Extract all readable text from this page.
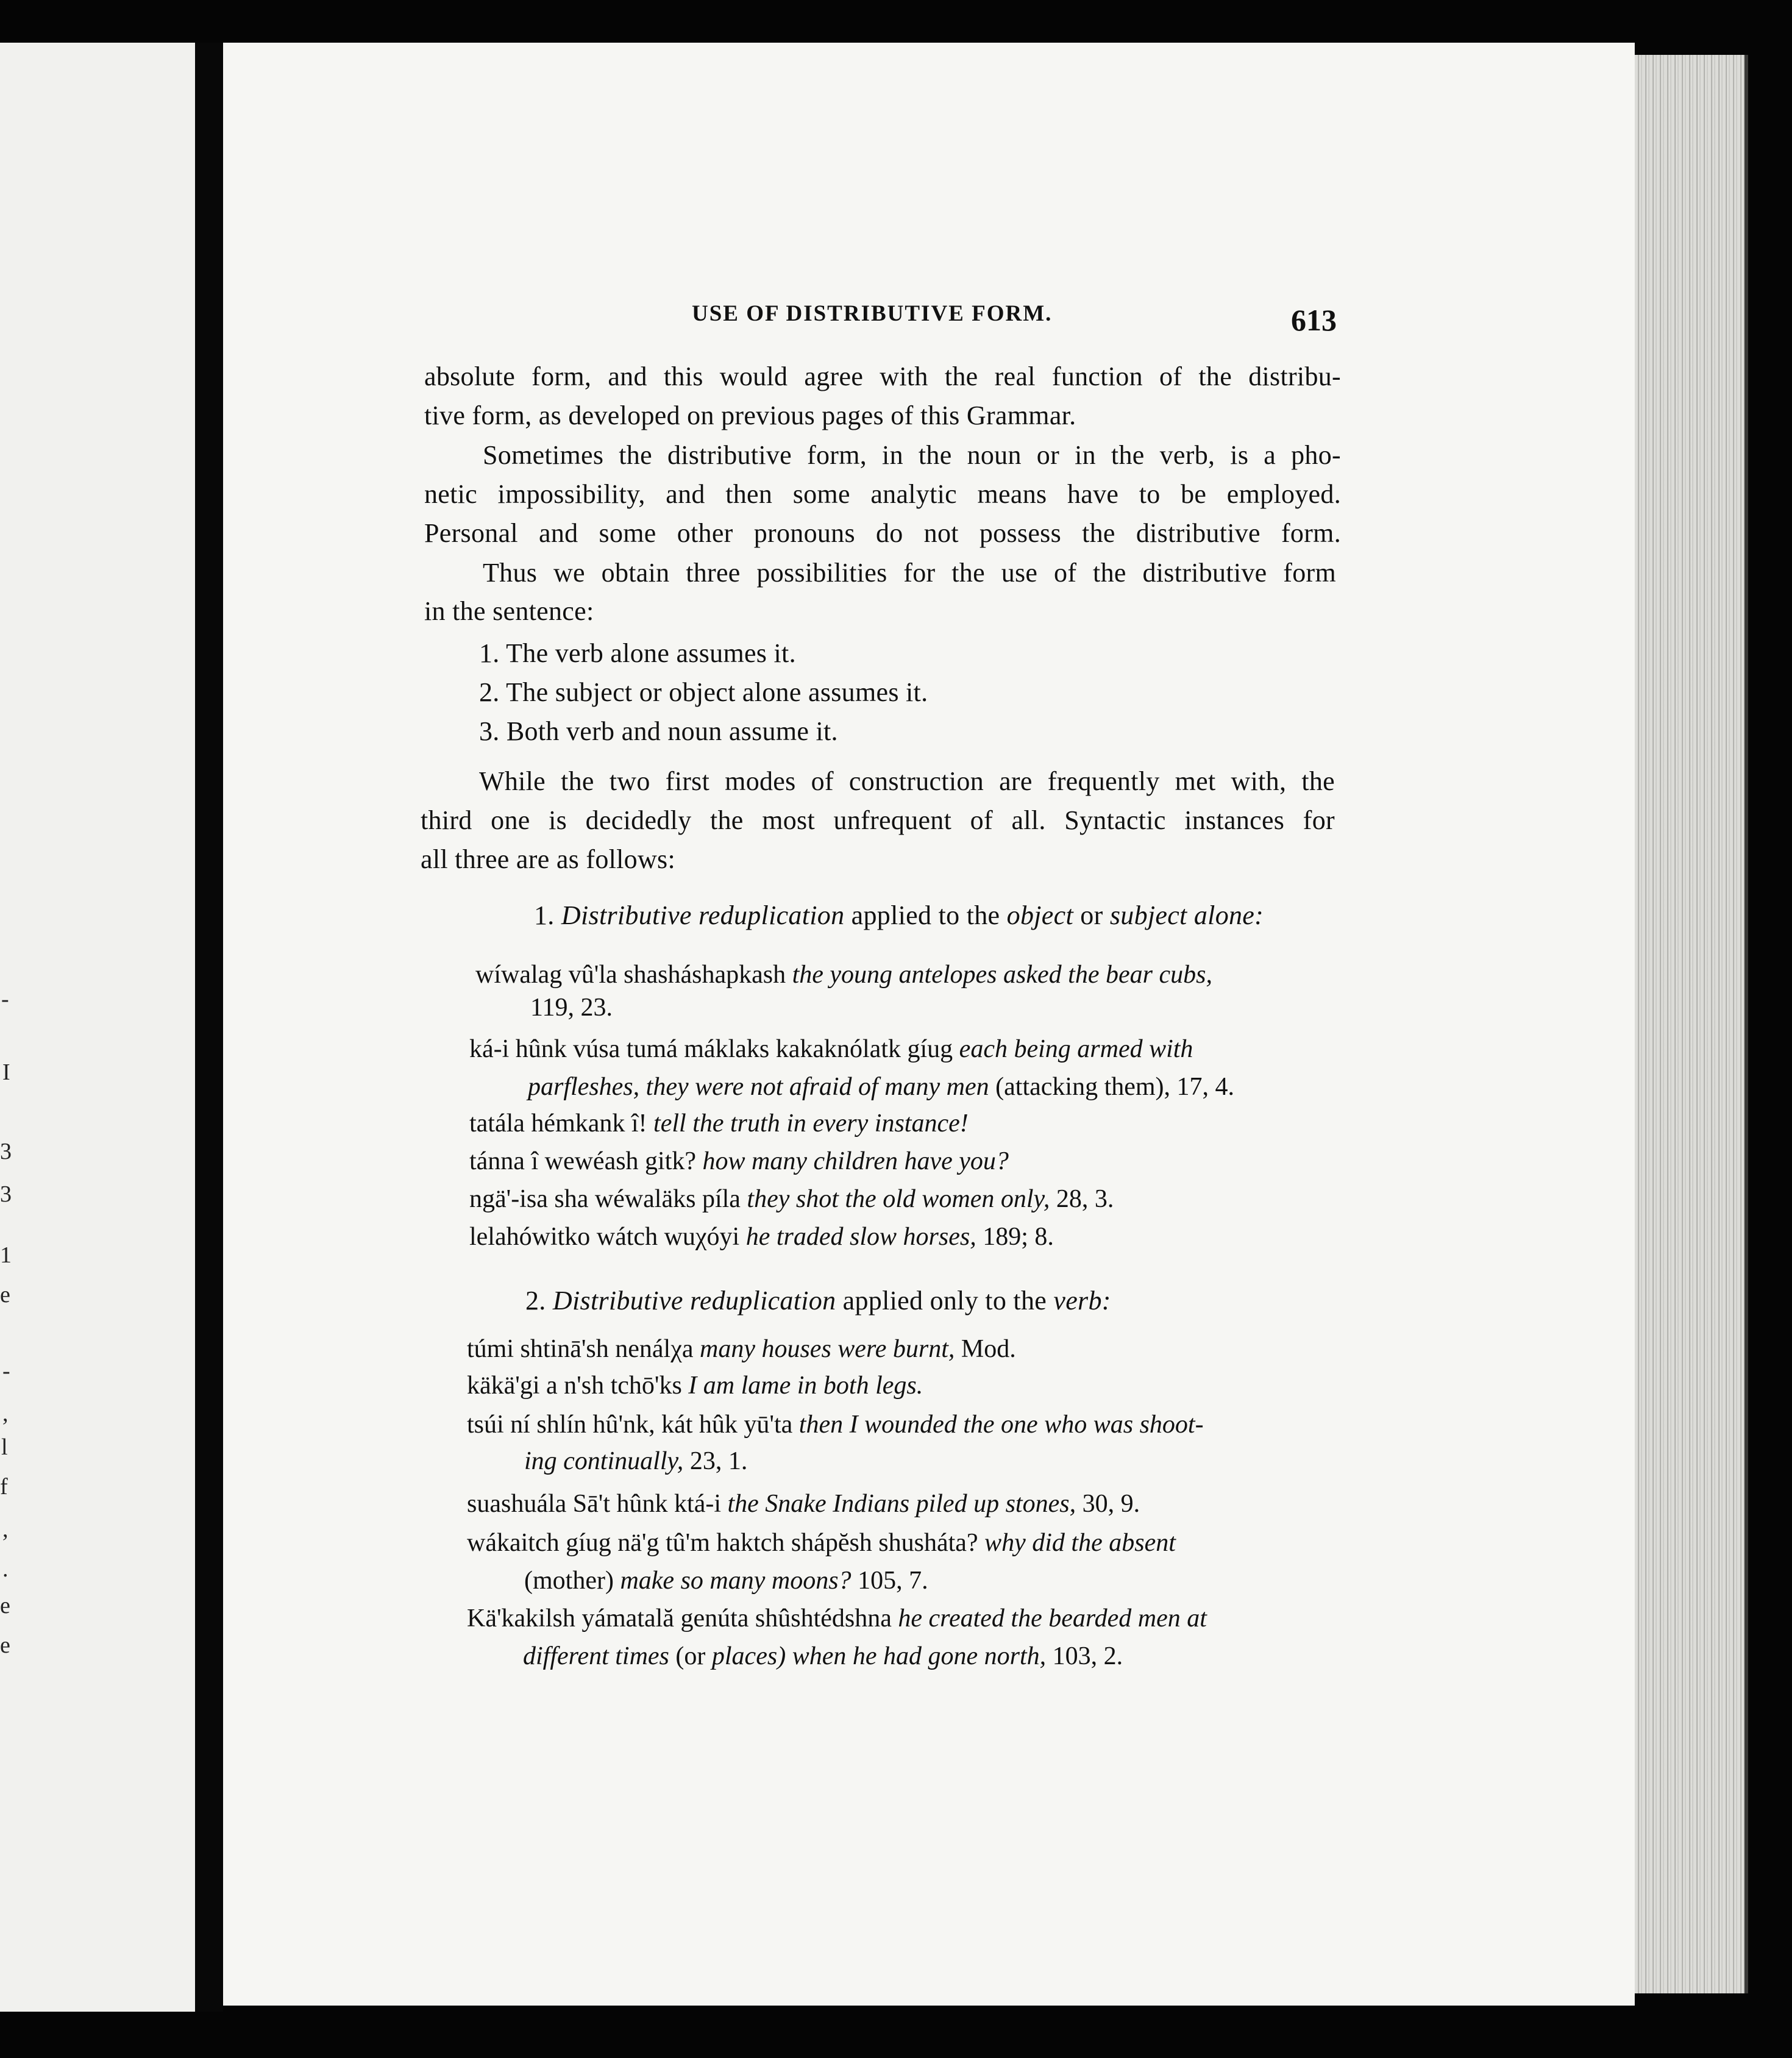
-
I
3
3
1
e
-
,
l
f
,
.
e
e
USE OF DISTRIBUTIVE FORM.	613
absolute form, and this would agree with the real function of the distribu-
tive form, as developed on previous pages of this Grammar.
Sometimes the distributive form, in the noun or in the verb, is a pho-
netic impossibility, and then some analytic means have to be employed.
Personal and some other pronouns do not possess the distributive form.
Thus we obtain three possibilities for the use of the distributive form
in the sentence:
1. The verb alone assumes it.
2. The subject or object alone assumes it.
3. Both verb and noun assume it.
While the two first modes of construction are frequently met with, the
third one is decidedly the most unfrequent of all. Syntactic instances for
all three are as follows:
1. Distributive reduplication applied to the object or subject alone:
wíwalag vû'la shasháshapkash the young antelopes asked the bear cubs,
119, 23.
ká-i hûnk vúsa tumá máklaks kakaknólatk gíug each being armed with
parfleshes, they were not afraid of many men (attacking them), 17, 4.
tatála hémkank î! tell the truth in every instance!
tánna î wewéash gitk? how many children have you?
ngä'-isa sha wéwaläks píla they shot the old women only, 28, 3.
lelahówitko wátch wuχóyi he traded slow horses, 189; 8.
2. Distributive reduplication applied only to the verb:
túmi shtinā'sh nenálχa many houses were burnt, Mod.
käkä'gi a n'sh tchō'ks I am lame in both legs.
tsúi ní shlín hû'nk, kát hûk yū'ta then I wounded the one who was shoot-
ing continually, 23, 1.
suashuála Sā't hûnk ktá-i the Snake Indians piled up stones, 30, 9.
wákaitch gíug nä'g tû'm haktch shápĕsh shusháta? why did the absent
(mother) make so many moons? 105, 7.
Kä'kakilsh yámatală genúta shûshtédshna he created the bearded men at
different times (or places) when he had gone north, 103, 2.
